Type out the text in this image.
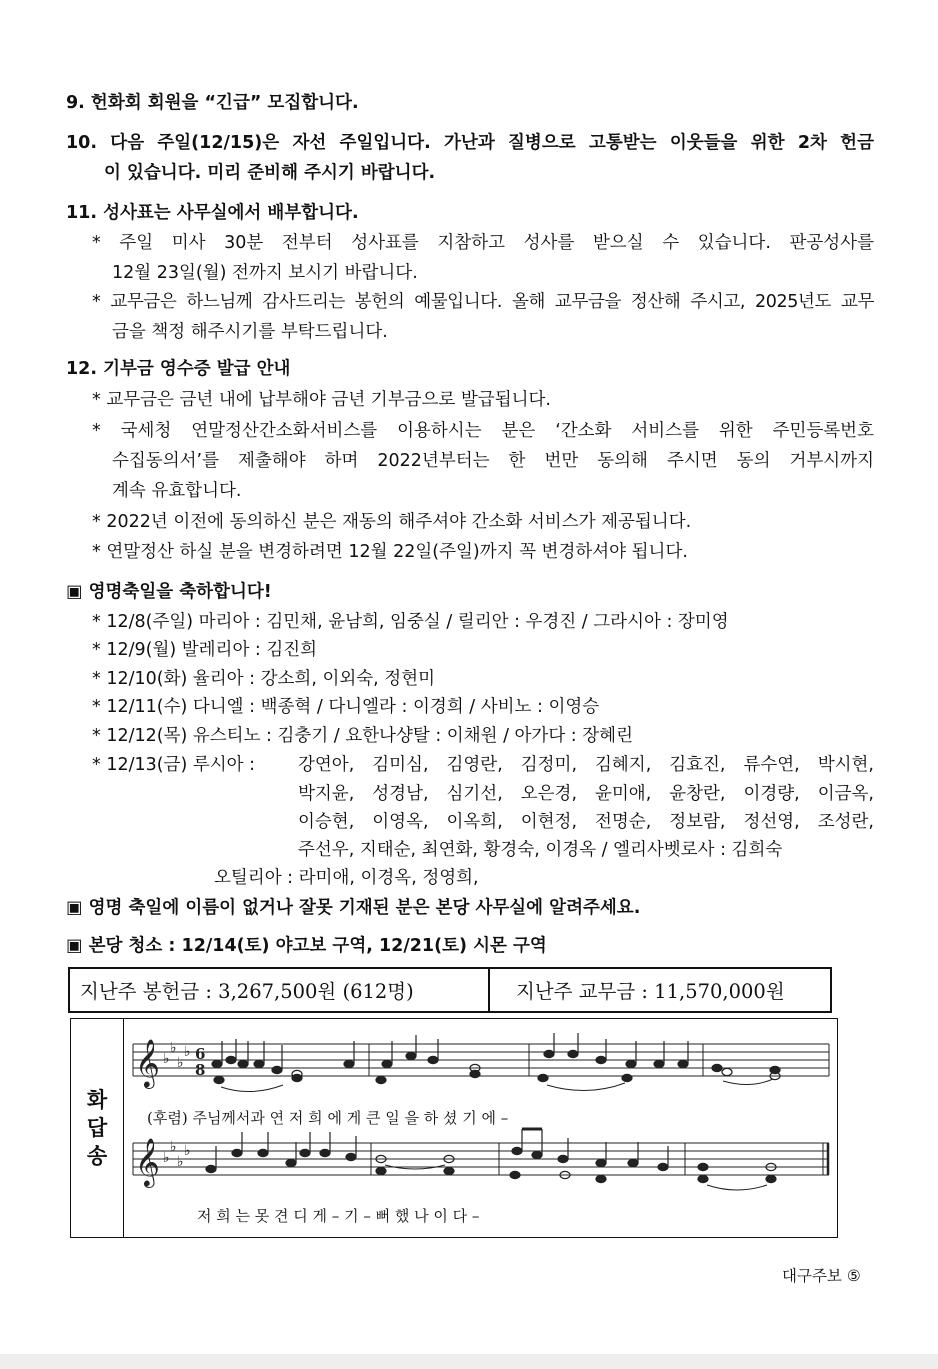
9. 헌화회 회원을 “긴급” 모집합니다.
10. 다음 주일(12/15)은 자선 주일입니다. 가난과 질병으로 고통받는 이웃들을 위한 2차 헌금
이 있습니다. 미리 준비해 주시기 바랍니다.
11. 성사표는 사무실에서 배부합니다.
* 주일 미사 30분 전부터 성사표를 지참하고 성사를 받으실 수 있습니다. 판공성사를
12월 23일(월) 전까지 보시기 바랍니다.
* 교무금은 하느님께 감사드리는 봉헌의 예물입니다. 올해 교무금을 정산해 주시고, 2025년도 교무
금을 책정 해주시기를 부탁드립니다.
12. 기부금 영수증 발급 안내
* 교무금은 금년 내에 납부해야 금년 기부금으로 발급됩니다.
* 국세청 연말정산간소화서비스를 이용하시는 분은 ‘간소화 서비스를 위한 주민등록번호
수집동의서’를 제출해야 하며 2022년부터는 한 번만 동의해 주시면 동의 거부시까지
계속 유효합니다.
* 2022년 이전에 동의하신 분은 재동의 해주셔야 간소화 서비스가 제공됩니다.
* 연말정산 하실 분을 변경하려면 12월 22일(주일)까지 꼭 변경하셔야 됩니다.
▣ 영명축일을 축하합니다!
* 12/8(주일) 마리아 : 김민채, 윤남희, 임중실 / 릴리안 : 우경진 / 그라시아 : 장미영
* 12/9(월) 발레리아 : 김진희
* 12/10(화) 율리아 : 강소희, 이외숙, 정현미
* 12/11(수) 다니엘 : 백종혁 / 다니엘라 : 이경희 / 사비노 : 이영승
* 12/12(목) 유스티노 : 김충기 / 요한나샹탈 : 이채원 / 아가다 : 장혜린
* 12/13(금) 루시아 : 강연아, 김미심, 김영란, 김정미, 김혜지, 김효진, 류수연, 박시현,
박지윤, 성경남, 심기선, 오은경, 윤미애, 윤창란, 이경량, 이금옥,
이승현, 이영옥, 이옥희, 이현정, 전명순, 정보람, 정선영, 조성란,
주선우, 지태순, 최연화, 황경숙, 이경옥 / 엘리사벳로사 : 김희숙
오틸리아 : 라미애, 이경옥, 정영희,
▣ 영명 축일에 이름이 없거나 잘못 기재된 분은 본당 사무실에 알려주세요.
▣ 본당 청소 : 12/14(토) 야고보 구역, 12/21(토) 시몬 구역
지난주 봉헌금 : 3,267,500원 (612명)	지난주 교무금 : 11,570,000원
화
답
송
𝄞
𝄞
♭
♭
♭
♭
♭
♭
♭
♭
6
8
(후렴) 주님께서과 연 저 희 에 게 큰 일 을 하 셨 기 에 –
저 희 는 못 견 디 게 – 기 – 뻐 했 나 이 다 –
대구주보 ⑤
